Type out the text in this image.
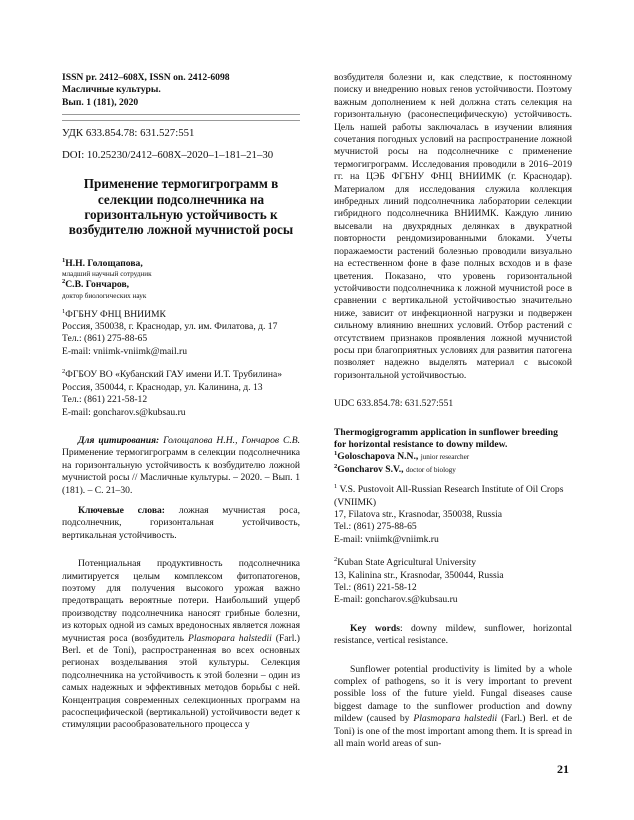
ISSN pr. 2412–608X, ISSN on. 2412-6098

Масличные культуры.

Вып. 1 (181), 2020

УДК 633.854.78: 631.527:551

DOI: 10.25230/2412–608Х–2020–1–181–21–30

Применение термогигрограмм в селекции подсолнечника на горизонтальную устойчивость к возбудителю ложной мучнистой росы

$^1$Н.Н. Голощапова,

младший научный сотрудник

$^2$С.В. Гончаров,

доктор биологических наук

$^1$ФГБНУ ФНЦ ВНИИМК

Россия, 350038, г. Краснодар, ул. им. Филатова, д. 17

Тел.: (861) 275-88-65

E-mail: vniimk-vniimk@mail.ru

$^2$ФГБОУ ВО «Кубанский ГАУ имени И.Т. Трубилина»

Россия, 350044, г. Краснодар, ул. Калинина, д. 13

Тел.: (861) 221-58-12

E-mail: goncharov.s@kubsau.ru

Для цитирования: Голощапова Н.Н., Гончаров С.В. Применение термогигрограмм в селекции подсолнечника на горизонтальную устойчивость к возбудителю ложной мучнистой росы // Масличные культуры. – 2020. – Вып. 1 (181). – С. 21–30.

Ключевые слова: ложная мучнистая роса, подсолнечник, горизонтальная устойчивость, вертикальная устойчивость.

Потенциальная продуктивность подсолнечника лимитируется целым комплексом фитопатогенов, поэтому для получения высокого урожая важно предотвращать вероятные потери. Наибольший ущерб производству подсолнечника наносят грибные болезни, из которых одной из самых вредоносных является ложная мучнистая роса (возбудитель Plasmopara halstedii (Farl.) Berl. et de Toni), распространенная во всех основных регионах возделывания этой культуры. Селекция подсолнечника на устойчивость к этой болезни – один из самых надежных и эффективных методов борьбы с ней. Концентрация современных селекционных программ на расоспецифической (вертикальной) устойчивости ведет к стимуляции расообразовательного процесса у

возбудителя болезни и, как следствие, к постоянному поиску и внедрению новых генов устойчивости. Поэтому важным дополнением к ней должна стать селекция на горизонтальную (расонеспецифическую) устойчивость. Цель нашей работы заключалась в изучении влияния сочетания погодных условий на распространение ложной мучнистой росы на подсолнечнике с применение термогигрограмм. Исследования проводили в 2016–2019 гг. на ЦЭБ ФГБНУ ФНЦ ВНИИМК (г. Краснодар). Материалом для исследования служила коллекция инбредных линий подсолнечника лаборатории селекции гибридного подсолнечника ВНИИМК. Каждую линию высевали на двухрядных делянках в двукратной повторности рендомизированными блоками. Учеты поражаемости растений болезнью проводили визуально на естественном фоне в фазе полных всходов и в фазе цветения. Показано, что уровень горизонтальной устойчивости подсолнечника к ложной мучнистой росе в сравнении с вертикальной устойчивостью значительно ниже, зависит от инфекционной нагрузки и подвержен сильному влиянию внешних условий. Отбор растений с отсутствием признаков проявления ложной мучнистой росы при благоприятных условиях для развития патогена позволяет надежно выделять материал с высокой горизонтальной устойчивостью.

UDC 633.854.78: 631.527:551

Thermogigrogramm application in sunflower breeding for horizontal resistance to downy mildew.

$^1$Goloschapova N.N., junior researcher

$^2$Goncharov S.V., doctor of biology

$^1$ V.S. Pustovoit All-Russian Research Institute of Oil Crops (VNIIMK)

17, Filatova str., Krasnodar, 350038, Russia

Tel.: (861) 275-88-65

E-mail: vniimk@vniimk.ru

$^2$Kuban State Agricultural University

13, Kalinina str., Krasnodar, 350044, Russia

Tel.: (861) 221-58-12

E-mail: goncharov.s@kubsau.ru

Key words: downy mildew, sunflower, horizontal resistance, vertical resistance.

Sunflower potential productivity is limited by a whole complex of pathogens, so it is very important to prevent possible loss of the future yield. Fungal diseases cause biggest damage to the sunflower production and downy mildew (caused by Plasmopara halstedii (Farl.) Berl. et de Toni) is one of the most important among them. It is spread in all main world areas of sun-

21
